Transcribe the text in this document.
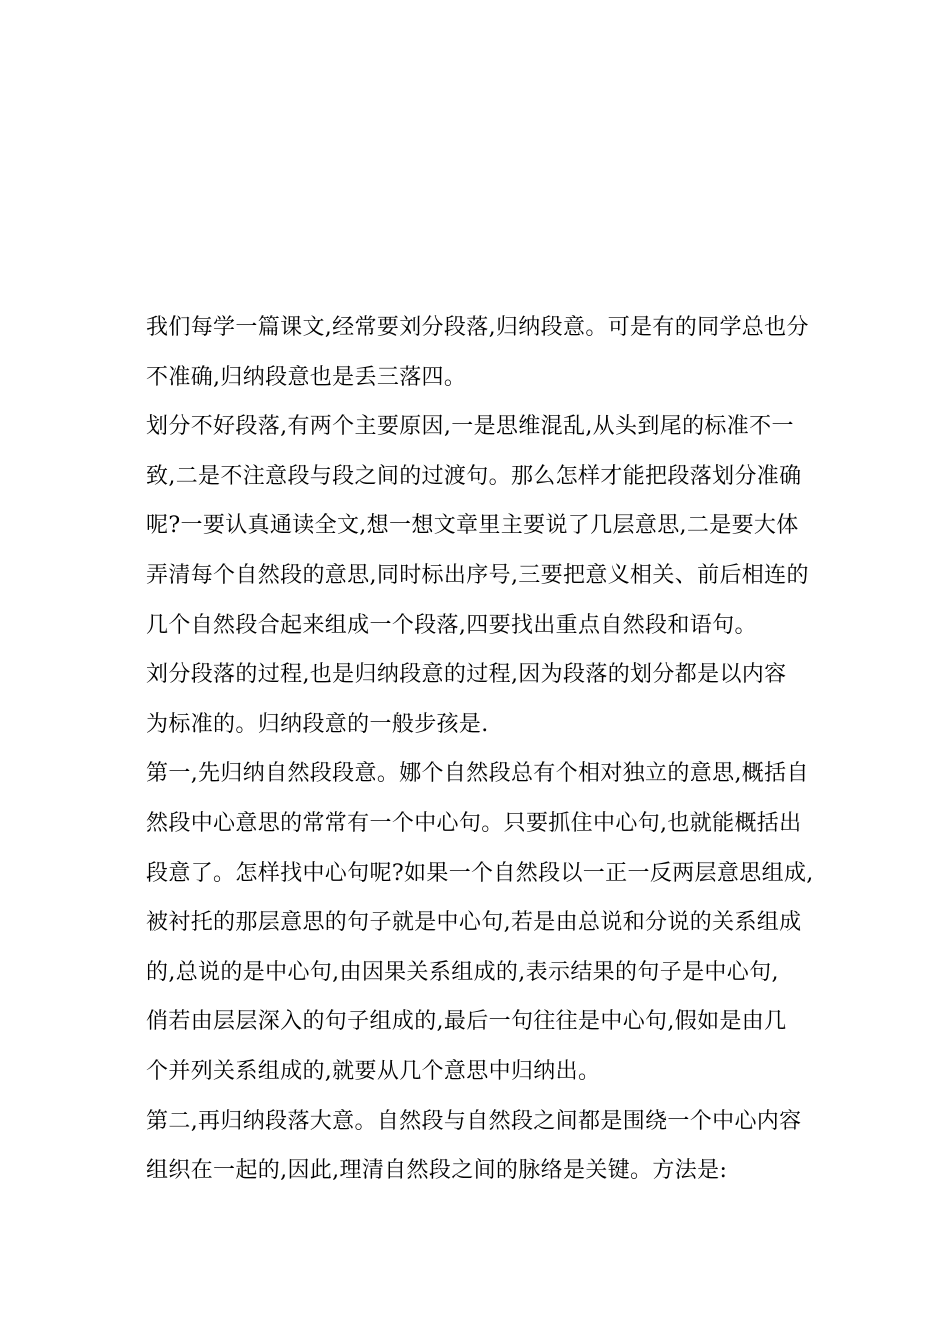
我们每学一篇课文,经常要刘分段落,归纳段意。可是有的同学总也分
不准确,归纳段意也是丢三落四。
划分不好段落,有两个主要原因,一是思维混乱,从头到尾的标准不一
致,二是不注意段与段之间的过渡句。那么怎样才能把段落划分准确
呢?一要认真通读全文,想一想文章里主要说了几层意思,二是要大体
弄清每个自然段的意思,同时标出序号,三要把意义相关、前后相连的
几个自然段合起来组成一个段落,四要找出重点自然段和语句。
刘分段落的过程,也是归纳段意的过程,因为段落的划分都是以内容
为标准的。归纳段意的一般步孩是.
第一,先归纳自然段段意。娜个自然段总有个相对独立的意思,概括自
然段中心意思的常常有一个中心句。只要抓住中心句,也就能概括出
段意了。怎样找中心句呢?如果一个自然段以一正一反两层意思组成,
被衬托的那层意思的句子就是中心句,若是由总说和分说的关系组成
的,总说的是中心句,由因果关系组成的,表示结果的句子是中心句,
俏若由层层深入的句子组成的,最后一句往往是中心句,假如是由几
个并列关系组成的,就要从几个意思中归纳出。
第二,再归纳段落大意。自然段与自然段之间都是围绕一个中心内容
组织在一起的,因此,理清自然段之间的脉络是关键。方法是:
